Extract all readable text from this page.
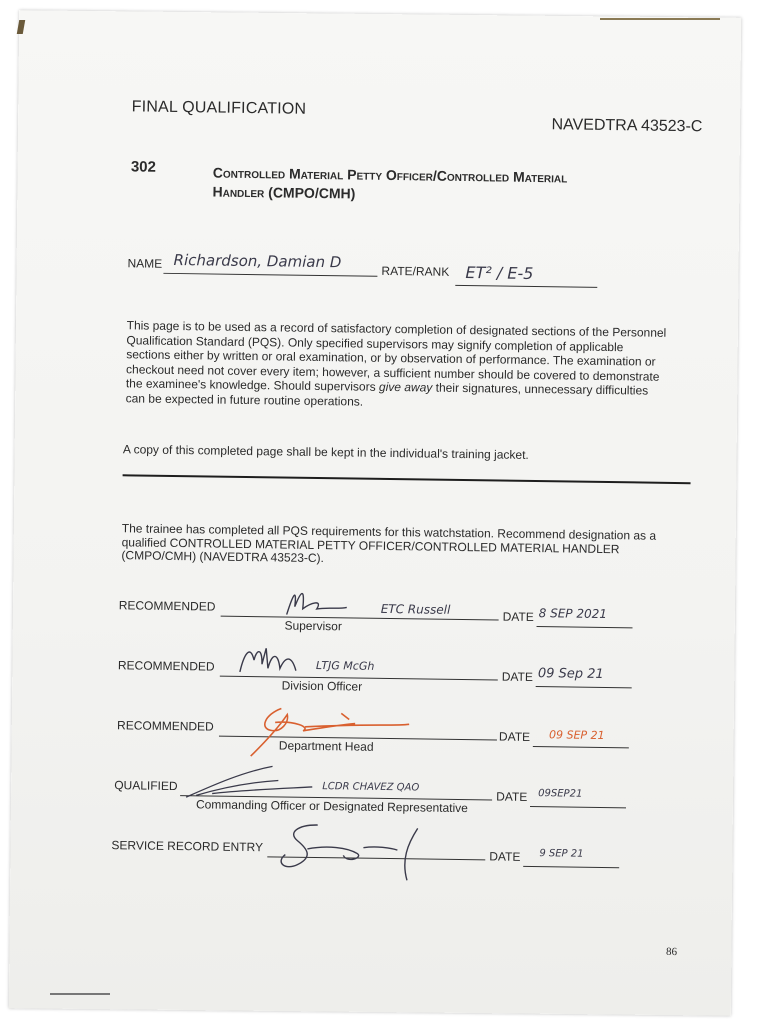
FINAL QUALIFICATION
NAVEDTRA 43523-C
302	Controlled Material Petty Officer/Controlled Material
Handler (CMPO/CMH)
NAME Richardson, Damian D
RATE/RANK ET² / E-5
This page is to be used as a record of satisfactory completion of designated sections of the Personnel Qualification Standard (PQS). Only specified supervisors may signify completion of applicable sections either by written or oral examination, or by observation of performance. The examination or checkout need not cover every item; however, a sufficient number should be covered to demonstrate the examinee's knowledge. Should supervisors give away their signatures, unnecessary difficulties can be expected in future routine operations.
A copy of this completed page shall be kept in the individual's training jacket.
The trainee has completed all PQS requirements for this watchstation. Recommend designation as a qualified CONTROLLED MATERIAL PETTY OFFICER/CONTROLLED MATERIAL HANDLER (CMPO/CMH) (NAVEDTRA 43523-C).
RECOMMENDED	ETC Russell
Supervisor
DATE 8 SEP 2021
RECOMMENDED	LTJG McGh
Division Officer
DATE 09 Sep 21
RECOMMENDED
Department Head
DATE 09 SEP 21
QUALIFIED	LCDR CHAVEZ QAO
Commanding Officer or Designated Representative
DATE 09SEP21
SERVICE RECORD ENTRY
DATE 9 SEP 21
86
